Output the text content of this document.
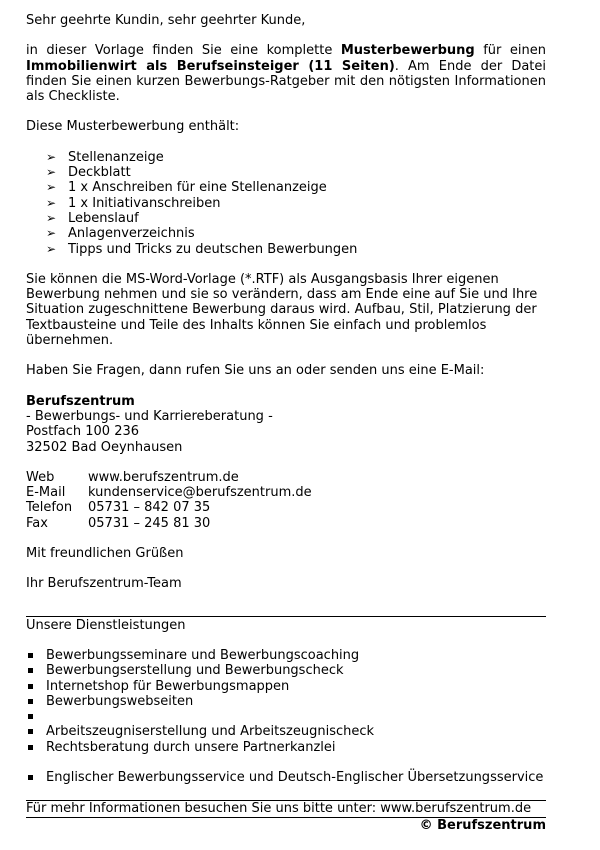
Sehr geehrte Kundin, sehr geehrter Kunde,

in dieser Vorlage finden Sie eine komplette Musterbewerbung für einen Immobilienwirt als Berufseinsteiger (11 Seiten). Am Ende der Datei finden Sie einen kurzen Bewerbungs-Ratgeber mit den nötigsten Informationen als Checkliste.

Diese Musterbewerbung enthält:

➢ Stellenanzeige
➢ Deckblatt
➢ 1 x Anschreiben für eine Stellenanzeige
➢ 1 x Initiativanschreiben
➢ Lebenslauf
➢ Anlagenverzeichnis
➢ Tipps und Tricks zu deutschen Bewerbungen

Sie können die MS-Word-Vorlage (*.RTF) als Ausgangsbasis Ihrer eigenen Bewerbung nehmen und sie so verändern, dass am Ende eine auf Sie und Ihre Situation zugeschnittene Bewerbung daraus wird. Aufbau, Stil, Platzierung der Textbausteine und Teile des Inhalts können Sie einfach und problemlos übernehmen.

Haben Sie Fragen, dann rufen Sie uns an oder senden uns eine E-Mail:

Berufszentrum

- Bewerbungs- und Karriereberatung -

Postfach 100 236

32502 Bad Oeynhausen

Web	www.berufszentrum.de
E-Mail	kundenservice@berufszentrum.de
Telefon	05731 – 842 07 35
Fax	05731 – 245 81 30

Mit freundlichen Grüßen

Ihr Berufszentrum-Team

Unsere Dienstleistungen

Bewerbungsseminare und Bewerbungscoaching
Bewerbungserstellung und Bewerbungscheck
Internetshop für Bewerbungsmappen
Bewerbungswebseiten
Arbeitszeugniserstellung und Arbeitszeugnischeck
Rechtsberatung durch unsere Partnerkanzlei
Englischer Bewerbungsservice und Deutsch-Englischer Übersetzungsservice

Für mehr Informationen besuchen Sie uns bitte unter: www.berufszentrum.de

© Berufszentrum
